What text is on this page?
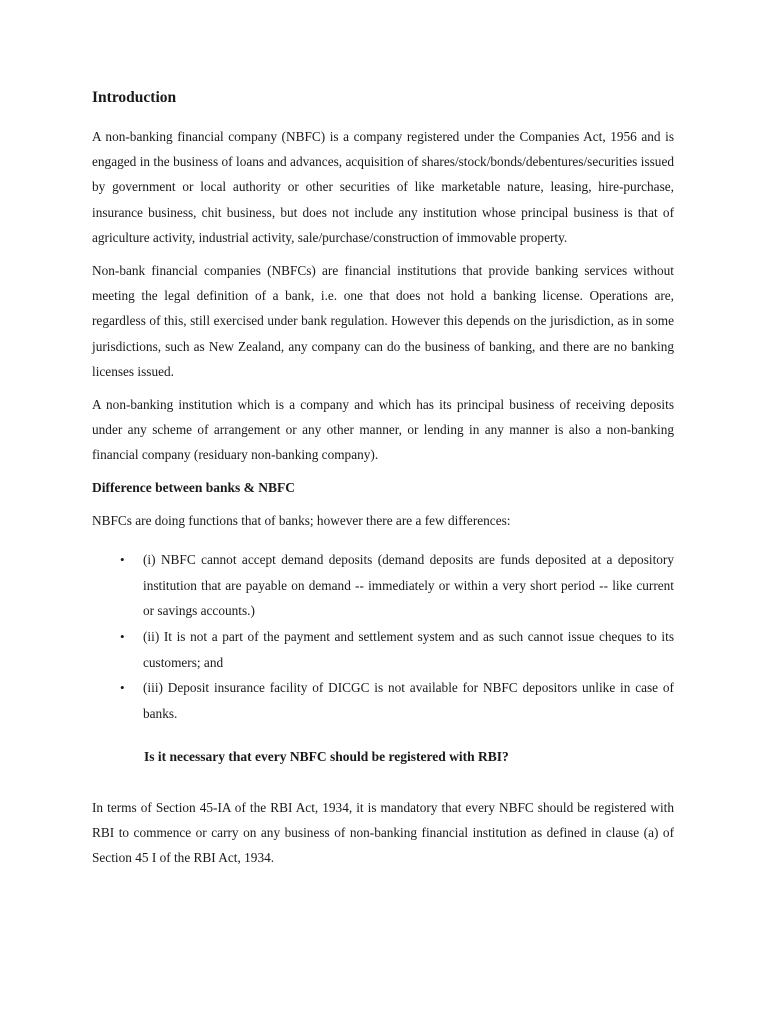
Introduction

A non-banking financial company (NBFC) is a company registered under the Companies Act, 1956 and is engaged in the business of loans and advances, acquisition of shares/stock/bonds/debentures/securities issued by government or local authority or other securities of like marketable nature, leasing, hire-purchase, insurance business, chit business, but does not include any institution whose principal business is that of agriculture activity, industrial activity, sale/purchase/construction of immovable property.

Non-bank financial companies (NBFCs) are financial institutions that provide banking services without meeting the legal definition of a bank, i.e. one that does not hold a banking license. Operations are, regardless of this, still exercised under bank regulation. However this depends on the jurisdiction, as in some jurisdictions, such as New Zealand, any company can do the business of banking, and there are no banking licenses issued.

A non-banking institution which is a company and which has its principal business of receiving deposits under any scheme of arrangement or any other manner, or lending in any manner is also a non-banking financial company (residuary non-banking company).

Difference between banks & NBFC

NBFCs are doing functions that of banks; however there are a few differences:

• (i) NBFC cannot accept demand deposits (demand deposits are funds deposited at a depository institution that are payable on demand -- immediately or within a very short period -- like current or savings accounts.)
• (ii) It is not a part of the payment and settlement system and as such cannot issue cheques to its customers; and
• (iii) Deposit insurance facility of DICGC is not available for NBFC depositors unlike in case of banks.
Is it necessary that every NBFC should be registered with RBI?

In terms of Section 45-IA of the RBI Act, 1934, it is mandatory that every NBFC should be registered with RBI to commence or carry on any business of non-banking financial institution as defined in clause (a) of Section 45 I of the RBI Act, 1934.
